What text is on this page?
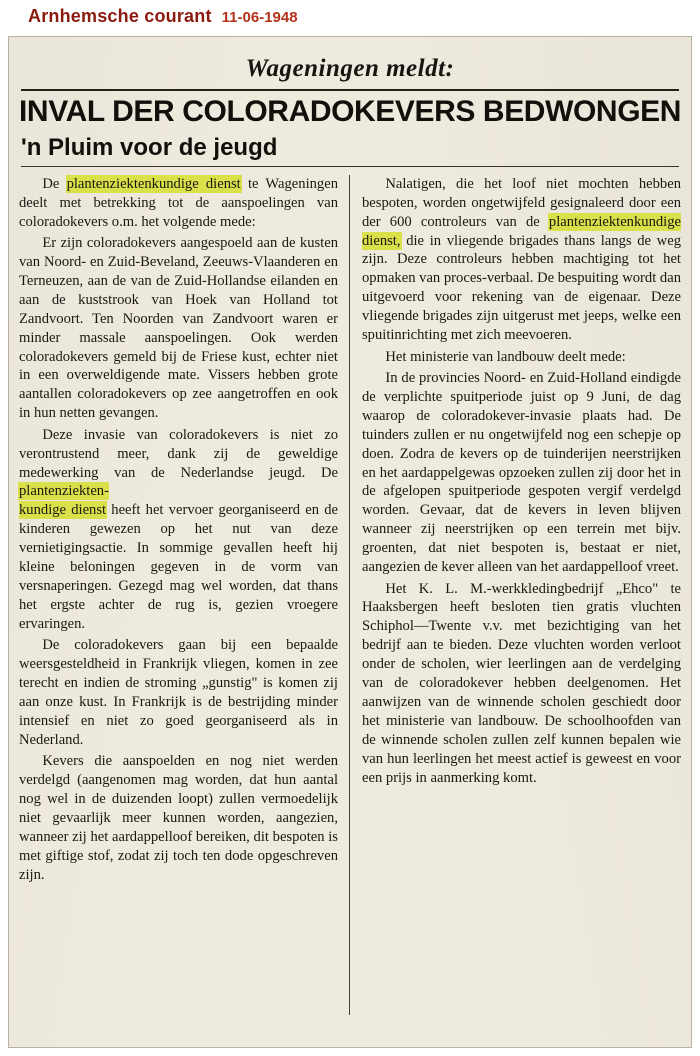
Arnhemsche courant 11-06-1948
Wageningen meldt:
INVAL DER COLORADOKEVERS BEDWONGEN
'n Pluim voor de jeugd

De plantenziektenkundige dienst te Wageningen deelt met betrekking tot de aanspoelingen van coloradokevers o.m. het volgende mede:

Er zijn coloradokevers aangespoeld aan de kusten van Noord- en Zuid-Beveland, Zeeuws-Vlaanderen en Terneuzen, aan de van de Zuid-Hollandse eilanden en aan de kuststrook van Hoek van Holland tot Zandvoort. Ten Noorden van Zandvoort waren er minder massale aanspoelingen. Ook werden coloradokevers gemeld bij de Friese kust, echter niet in een overweldigende mate. Vissers hebben grote aantallen coloradokevers op zee aangetroffen en ook in hun netten gevangen.

Deze invasie van coloradokevers is niet zo verontrustend meer, dank zij de geweldige medewerking van de Nederlandse jeugd. De plantenziekten-
kundige dienst heeft het vervoer georganiseerd en de kinderen gewezen op het nut van deze vernietigingsactie. In sommige gevallen heeft hij kleine beloningen gegeven in de vorm van versnaperingen. Gezegd mag wel worden, dat thans het ergste achter de rug is, gezien vroegere ervaringen.

De coloradokevers gaan bij een bepaalde weersgesteldheid in Frankrijk vliegen, komen in zee terecht en indien de stroming „gunstig" is komen zij aan onze kust. In Frankrijk is de bestrijding minder intensief en niet zo goed georganiseerd als in Nederland.

Kevers die aanspoelden en nog niet werden verdelgd (aangenomen mag worden, dat hun aantal nog wel in de duizenden loopt) zullen vermoedelijk niet gevaarlijk meer kunnen worden, aangezien, wanneer zij het aardappelloof bereiken, dit bespoten is met giftige stof, zodat zij toch ten dode opgeschreven zijn.

Nalatigen, die het loof niet mochten hebben bespoten, worden ongetwijfeld gesignaleerd door een der 600 controleurs van de plantenziektenkundige dienst, die in vliegende brigades thans langs de weg zijn. Deze controleurs hebben machtiging tot het opmaken van proces-verbaal. De bespuiting wordt dan uitgevoerd voor rekening van de eigenaar. Deze vliegende brigades zijn uitgerust met jeeps, welke een spuitinrichting met zich meevoeren.

Het ministerie van landbouw deelt mede:

In de provincies Noord- en Zuid-Holland eindigde de verplichte spuitperiode juist op 9 Juni, de dag waarop de coloradokever-invasie plaats had. De tuinders zullen er nu ongetwijfeld nog een schepje op doen. Zodra de kevers op de tuinderijen neerstrijken en het aardappelgewas opzoeken zullen zij door het in de afgelopen spuitperiode gespoten vergif verdelgd worden. Gevaar, dat de kevers in leven blijven wanneer zij neerstrijken op een terrein met bijv. groenten, dat niet bespoten is, bestaat er niet, aangezien de kever alleen van het aardappelloof vreet.

Het K. L. M.-werkkledingbedrijf „Ehco" te Haaksbergen heeft besloten tien gratis vluchten Schiphol—Twente v.v. met bezichtiging van het bedrijf aan te bieden. Deze vluchten worden verloot onder de scholen, wier leerlingen aan de verdelging van de coloradokever hebben deelgenomen. Het aanwijzen van de winnende scholen geschiedt door het ministerie van landbouw. De schoolhoofden van de winnende scholen zullen zelf kunnen bepalen wie van hun leerlingen het meest actief is geweest en voor een prijs in aanmerking komt.
